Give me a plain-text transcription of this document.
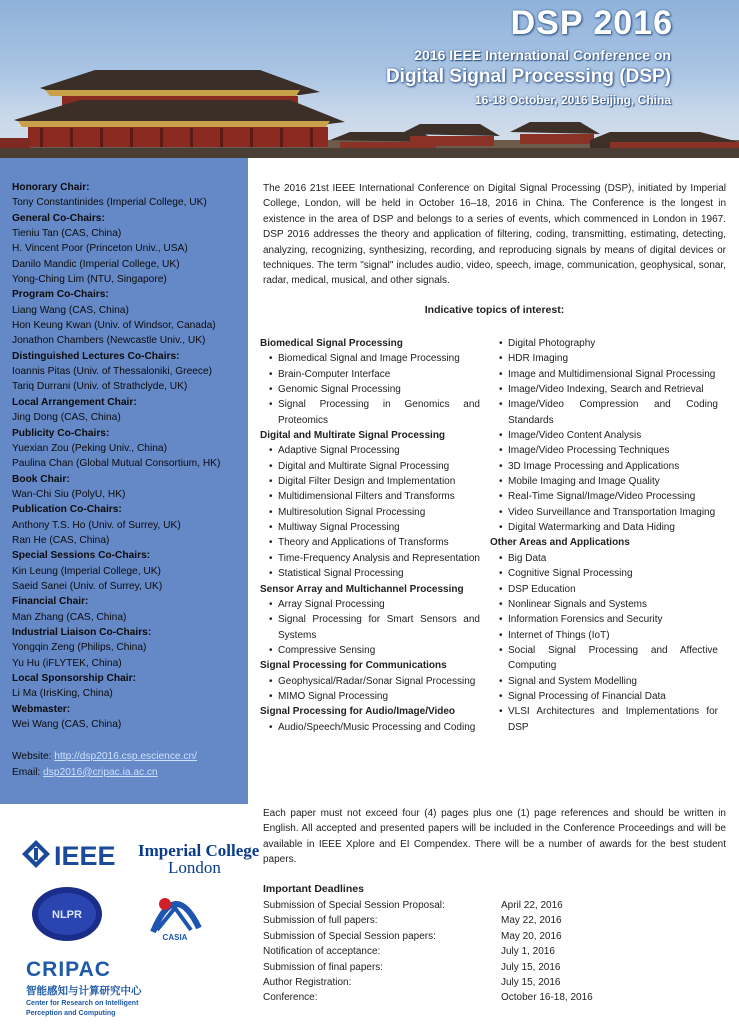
DSP 2016
2016 IEEE International Conference on
Digital Signal Processing (DSP)
16-18 October, 2016 Beijing, China
Honorary Chair:
Tony Constantinides (Imperial College, UK)
General Co-Chairs:
Tieniu Tan (CAS, China)
H. Vincent Poor (Princeton Univ., USA)
Danilo Mandic (Imperial College, UK)
Yong-Ching Lim (NTU, Singapore)
Program Co-Chairs:
Liang Wang (CAS, China)
Hon Keung Kwan (Univ. of Windsor, Canada)
Jonathon Chambers (Newcastle Univ., UK)
Distinguished Lectures Co-Chairs:
Ioannis Pitas (Univ. of Thessaloniki, Greece)
Tariq Durrani (Univ. of Strathclyde, UK)
Local Arrangement Chair:
Jing Dong (CAS, China)
Publicity Co-Chairs:
Yuexian Zou (Peking Univ., China)
Paulina Chan (Global Mutual Consortium, HK)
Book Chair:
Wan-Chi Siu (PolyU, HK)
Publication Co-Chairs:
Anthony T.S. Ho (Univ. of Surrey, UK)
Ran He (CAS, China)
Special Sessions Co-Chairs:
Kin Leung (Imperial College, UK)
Saeid Sanei (Univ. of Surrey, UK)
Financial Chair:
Man Zhang (CAS, China)
Industrial Liaison Co-Chairs:
Yongqin Zeng (Philips, China)
Yu Hu (iFLYTEK, China)
Local Sponsorship Chair:
Li Ma (IrisKing, China)
Webmaster:
Wei Wang (CAS, China)
Website: http://dsp2016.csp.escience.cn/
Email: dsp2016@cripac.ia.ac.cn
The 2016 21st IEEE International Conference on Digital Signal Processing (DSP), initiated by Imperial College, London, will be held in October 16–18, 2016 in China. The Conference is the longest in existence in the area of DSP and belongs to a series of events, which commenced in London in 1967. DSP 2016 addresses the theory and application of filtering, coding, transmitting, estimating, detecting, analyzing, recognizing, synthesizing, recording, and reproducing signals by means of digital devices or techniques. The term "signal" includes audio, video, speech, image, communication, geophysical, sonar, radar, medical, musical, and other signals.
Indicative topics of interest:
Biomedical Signal Processing
• Biomedical Signal and Image Processing
• Brain-Computer Interface
• Genomic Signal Processing
• Signal Processing in Genomics and Proteomics
Digital and Multirate Signal Processing
• Adaptive Signal Processing
• Digital and Multirate Signal Processing
• Digital Filter Design and Implementation
• Multidimensional Filters and Transforms
• Multiresolution Signal Processing
• Multiway Signal Processing
• Theory and Applications of Transforms
• Time-Frequency Analysis and Representation
• Statistical Signal Processing
Sensor Array and Multichannel Processing
• Array Signal Processing
• Signal Processing for Smart Sensors and Systems
• Compressive Sensing
Signal Processing for Communications
• Geophysical/Radar/Sonar Signal Processing
• MIMO Signal Processing
Signal Processing for Audio/Image/Video
• Audio/Speech/Music Processing and Coding
• Digital Photography
• HDR Imaging
• Image and Multidimensional Signal Processing
• Image/Video Indexing, Search and Retrieval
• Image/Video Compression and Coding Standards
• Image/Video Content Analysis
• Image/Video Processing Techniques
• 3D Image Processing and Applications
• Mobile Imaging and Image Quality
• Real-Time Signal/Image/Video Processing
• Video Surveillance and Transportation Imaging
• Digital Watermarking and Data Hiding
Other Areas and Applications
• Big Data
• Cognitive Signal Processing
• DSP Education
• Nonlinear Signals and Systems
• Information Forensics and Security
• Internet of Things (IoT)
• Social Signal Processing and Affective Computing
• Signal and System Modelling
• Signal Processing of Financial Data
• VLSI Architectures and Implementations for DSP
Each paper must not exceed four (4) pages plus one (1) page references and should be written in English. All accepted and presented papers will be included in the Conference Proceedings and will be available in IEEE Xplore and EI Compendex. There will be a number of awards for the best student papers.
Important Deadlines
Submission of Special Session Proposal:	April 22, 2016
Submission of full papers:	May 22, 2016
Submission of Special Session papers:	May 20, 2016
Notification of acceptance:	July 1, 2016
Submission of final papers:	July 15, 2016
Author Registration:	July 15, 2016
Conference:	October 16-18, 2016
IEEE Imperial College
London
NLPR
CASIA
CRIPAC
智能感知与计算研究中心
Center for Research on Intelligent
Perception and Computing
